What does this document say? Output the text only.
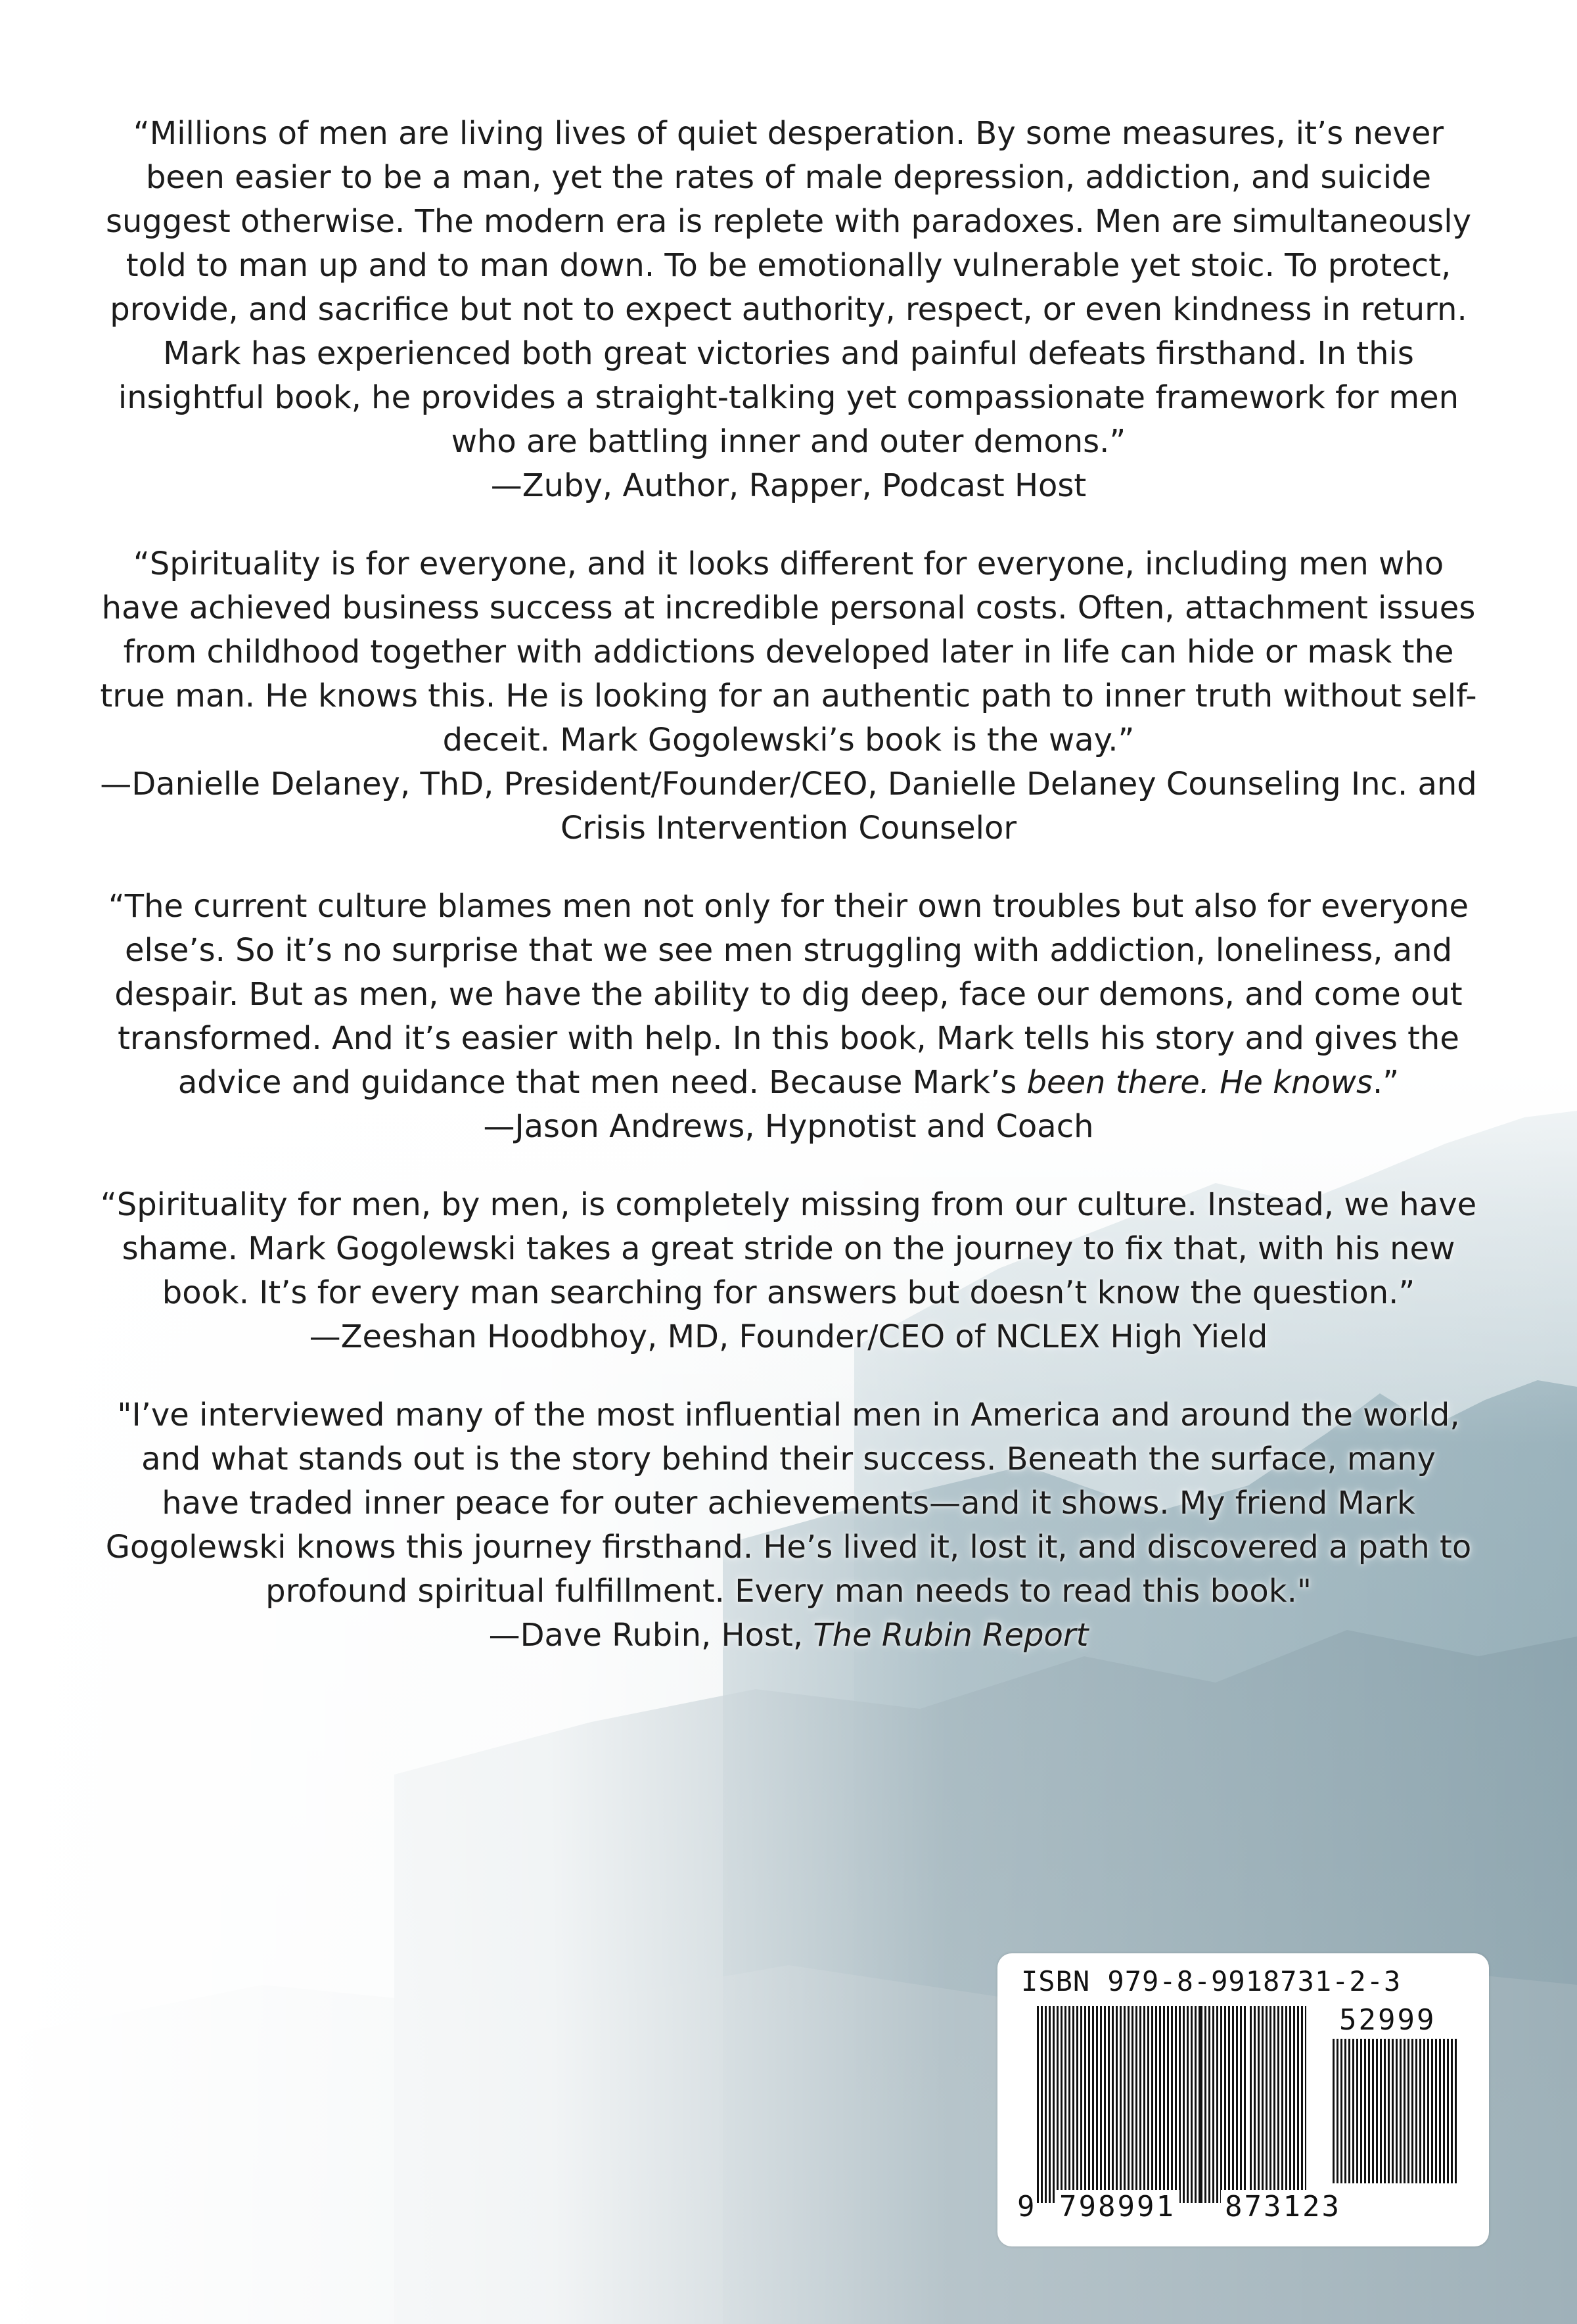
“Millions of men are living lives of quiet desperation. By some measures, it’s never been easier to be a man, yet the rates of male depression, addiction, and suicide suggest otherwise. The modern era is replete with paradoxes. Men are simultaneously told to man up and to man down. To be emotionally vulnerable yet stoic. To protect, provide, and sacrifice but not to expect authority, respect, or even kindness in return. Mark has experienced both great victories and painful defeats firsthand. In this insightful book, he provides a straight-talking yet compassionate framework for men who are battling inner and outer demons.”

—Zuby, Author, Rapper, Podcast Host

“Spirituality is for everyone, and it looks different for everyone, including men who have achieved business success at incredible personal costs. Often, attachment issues from childhood together with addictions developed later in life can hide or mask the true man. He knows this. He is looking for an authentic path to inner truth without self-deceit. Mark Gogolewski’s book is the way.”

—Danielle Delaney, ThD, President/Founder/CEO, Danielle Delaney Counseling Inc. and Crisis Intervention Counselor

“The current culture blames men not only for their own troubles but also for everyone else’s. So it’s no surprise that we see men struggling with addiction, loneliness, and despair. But as men, we have the ability to dig deep, face our demons, and come out transformed. And it’s easier with help. In this book, Mark tells his story and gives the advice and guidance that men need. Because Mark’s been there. He knows.”

—Jason Andrews, Hypnotist and Coach

“Spirituality for men, by men, is completely missing from our culture. Instead, we have shame. Mark Gogolewski takes a great stride on the journey to fix that, with his new book. It’s for every man searching for answers but doesn’t know the question.”

—Zeeshan Hoodbhoy, MD, Founder/CEO of NCLEX High Yield

"I’ve interviewed many of the most influential men in America and around the world, and what stands out is the story behind their success. Beneath the surface, many have traded inner peace for outer achievements—and it shows. My friend Mark Gogolewski knows this journey firsthand. He’s lived it, lost it, and discovered a path to profound spiritual fulfillment. Every man needs to read this book."

—Dave Rubin, Host, The Rubin Report

ISBN 979-8-9918731-2-3
52999
9 798991 873123
